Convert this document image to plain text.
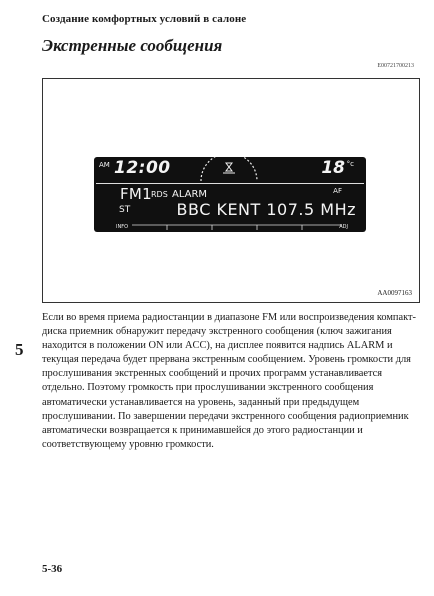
Создание комфортных условий в салоне
Экстренные сообщения
E00721700213
AM 12:00	18 °c
FM1
RDS ALARM	AF
ST	BBC KENT 107.5 MHz
INFO	ADJ
AA0097163
5

Если во время приема радиостанции в диапазоне FM или воспроизведения компакт-диска приемник обнаружит передачу экстренного сообщения (ключ зажигания находится в положении ON или ACC), на дисплее появится надпись ALARM и текущая передача будет прервана экстренным сообщением. Уровень громкости для прослушивания экстренных сообщений и прочих программ устанавливается отдельно. Поэтому громкость при прослушивании экстренного сообщения автоматически устанавливается на уровень, заданный при предыдущем прослушивании. По завершении передачи экстренного сообщения радиоприемник автоматически возвращается к принимавшейся до этого радиостанции и соответствующему уровню громкости.

5-36
